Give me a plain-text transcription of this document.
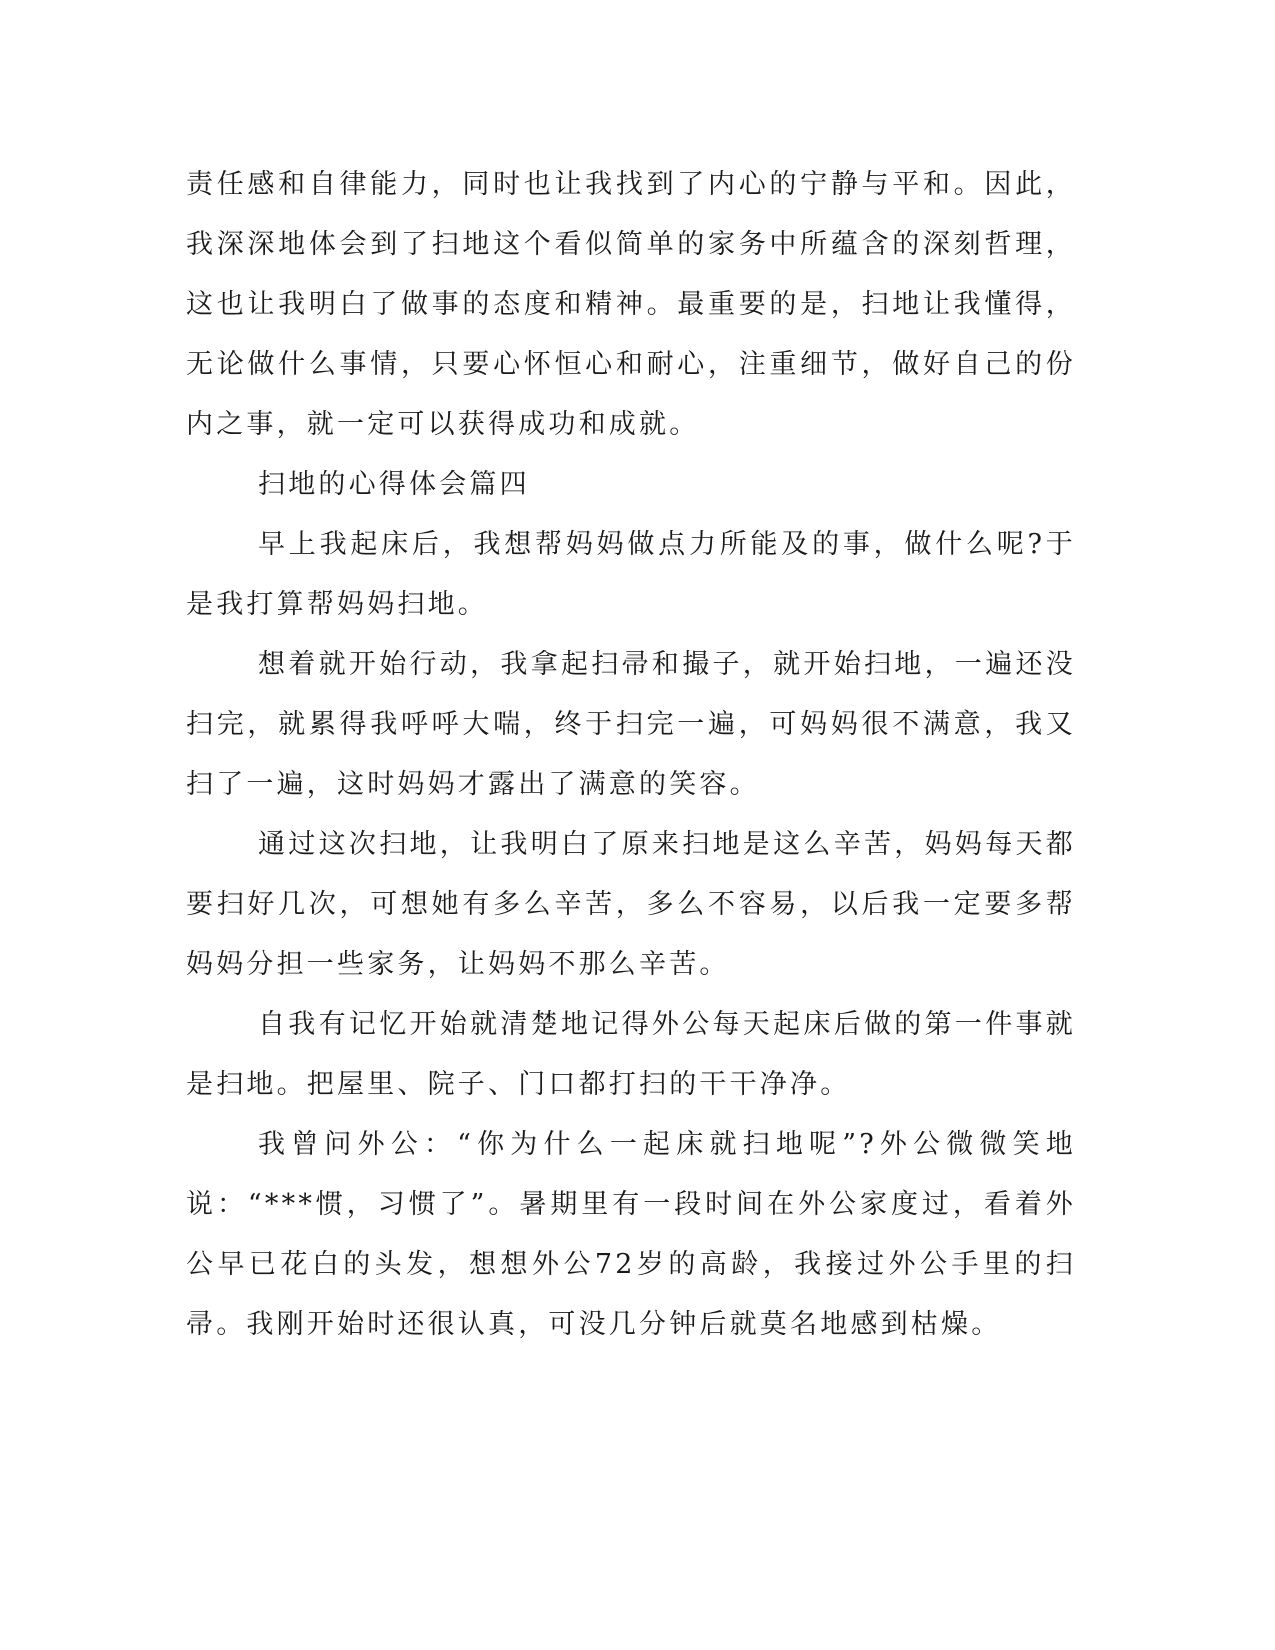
责任感和自律能力，同时也让我找到了内心的宁静与平和。因此，我深深地体会到了扫地这个看似简单的家务中所蕴含的深刻哲理，这也让我明白了做事的态度和精神。最重要的是，扫地让我懂得，无论做什么事情，只要心怀恒心和耐心，注重细节，做好自己的份内之事，就一定可以获得成功和成就。

扫地的心得体会篇四

早上我起床后，我想帮妈妈做点力所能及的事，做什么呢?于是我打算帮妈妈扫地。

想着就开始行动，我拿起扫帚和撮子，就开始扫地，一遍还没扫完，就累得我呼呼大喘，终于扫完一遍，可妈妈很不满意，我又扫了一遍，这时妈妈才露出了满意的笑容。

通过这次扫地，让我明白了原来扫地是这么辛苦，妈妈每天都要扫好几次，可想她有多么辛苦，多么不容易，以后我一定要多帮妈妈分担一些家务，让妈妈不那么辛苦。

自我有记忆开始就清楚地记得外公每天起床后做的第一件事就是扫地。把屋里、院子、门口都打扫的干干净净。

我曾问外公：“你为什么一起床就扫地呢”?外公微微笑地说：“***惯，习惯了”。暑期里有一段时间在外公家度过，看着外公早已花白的头发，想想外公72岁的高龄，我接过外公手里的扫帚。我刚开始时还很认真，可没几分钟后就莫名地感到枯燥。
